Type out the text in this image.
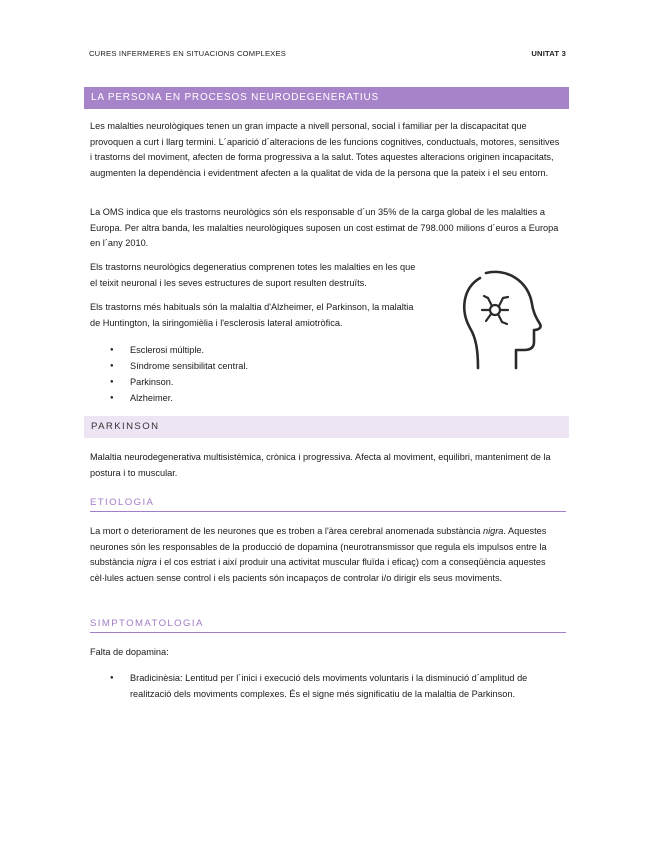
CURES INFERMERES EN SITUACIONS COMPLEXES	UNITAT 3
LA PERSONA EN PROCESOS NEURODEGENERATIUS

Les malalties neurològiques tenen un gran impacte a nivell personal, social i familiar per la discapacitat que provoquen a curt i llarg termini. L´aparició d´alteracions de les funcions cognitives, conductuals, motores, sensitives i trastorns del moviment, afecten de forma progressiva a la salut. Totes aquestes alteracions originen incapacitats, augmenten la dependència i evidentment afecten a la qualitat de vida de la persona que la pateix i el seu entorn.

La OMS indica que els trastorns neurològics són els responsable d´un 35% de la carga global de les malalties a Europa. Per altra banda, les malalties neurològiques suposen un cost estimat de 798.000 milions d´euros a Europa en l´any 2010.

Els trastorns neurològics degeneratius comprenen totes les malalties en les que el teixit neuronal i les seves estructures de suport resulten destruïts.

Els trastorns més habituals són la malaltia d'Alzheimer, el Parkinson, la malaltia de Huntington, la siringomièlia i l'esclerosis lateral amiotròfica.

● Esclerosi múltiple.
● Síndrome sensibilitat central.
● Parkinson.
● Alzheimer.
PARKINSON

Malaltia neurodegenerativa multisistèmica, crònica i progressiva. Afecta al moviment, equilibri, manteniment de la postura i to muscular.

ETIOLOGIA

La mort o deteriorament de les neurones que es troben a l'àrea cerebral anomenada substància nigra. Aquestes neurones són les responsables de la producció de dopamina (neurotransmissor que regula els impulsos entre la substància nigra i el cos estriat i així produir una activitat muscular fluïda i eficaç) com a conseqüència aquestes cèl·lules actuen sense control i els pacients són incapaços de controlar i/o dirigir els seus moviments.

SIMPTOMATOLOGIA

Falta de dopamina:

● Bradicinèsia: Lentitud per l´inici i execució dels moviments voluntaris i la disminució d´amplitud de realització dels moviments complexes. És el signe més significatiu de la malaltia de Parkinson.
